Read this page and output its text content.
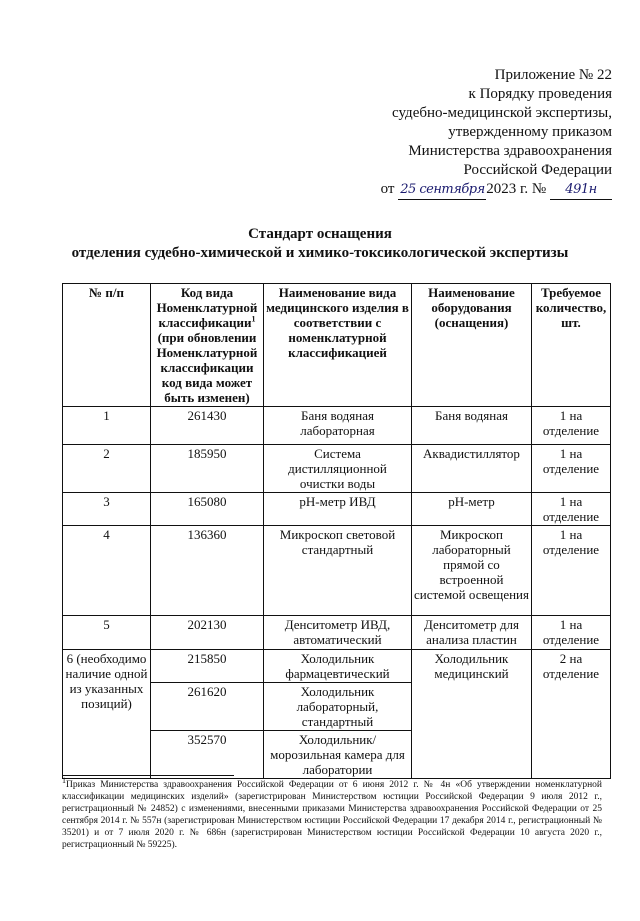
Приложение № 22
к Порядку проведения
судебно-медицинской экспертизы,
утвержденному приказом
Министерства здравоохранения
Российской Федерации
от 25 сентября2023 г. № 491н
Стандарт оснащения
отделения судебно-химической и химико-токсикологической экспертизы
№ п/п	Код вида Номенклатурной классификации$^1$ (при обновлении Номенклатурной классификации код вида может быть изменен)	Наименование вида медицинского изделия в соответствии с номенклатурной классификацией	Наименование оборудования (оснащения)	Требуемое количество, шт.
1	261430	Баня водяная лабораторная	Баня водяная	1 на отделение
2	185950	Система дистилляционной очистки воды	Аквадистиллятор	1 на отделение
3	165080	рН-метр ИВД	рН-метр	1 на отделение
4	136360	Микроскоп световой стандартный	Микроскоп лабораторный прямой со встроенной системой освещения	1 на отделение
5	202130	Денситометр ИВД, автоматический	Денситометр для анализа пластин	1 на отделение
6 (необходимо наличие одной из указанных позиций)	215850	Холодильник фармацевтический	Холодильник медицинский	2 на отделение
	261620	Холодильник лабораторный, стандартный		
	352570	Холодильник/ морозильная камера для лаборатории		
$^1$Приказ Министерства здравоохранения Российской Федерации от 6 июня 2012 г. № 4н «Об утверждении номенклатурной классификации медицинских изделий» (зарегистрирован Министерством юстиции Российской Федерации 9 июля 2012 г., регистрационный № 24852) с изменениями, внесенными приказами Министерства здравоохранения Российской Федерации от 25 сентября 2014 г. № 557н (зарегистрирован Министерством юстиции Российской Федерации 17 декабря 2014 г., регистрационный № 35201) и от 7 июля 2020 г. № 686н (зарегистрирован Министерством юстиции Российской Федерации 10 августа 2020 г., регистрационный № 59225).
